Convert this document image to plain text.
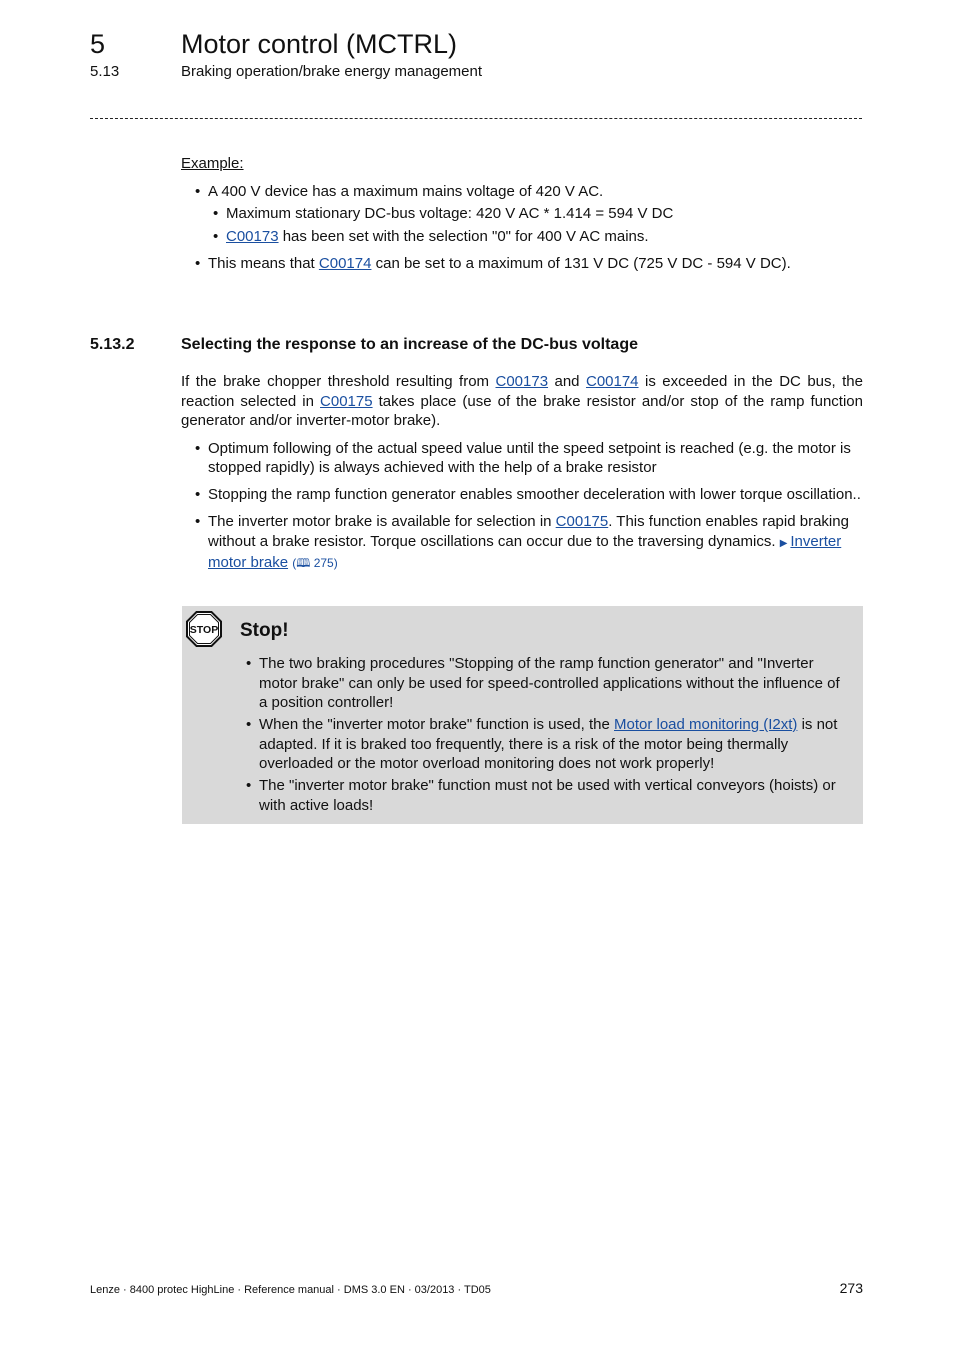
5	Motor control (MCTRL)
5.13	Braking operation/brake energy management
Example:
• A 400 V device has a maximum mains voltage of 420 V AC.
• Maximum stationary DC-bus voltage: 420 V AC * 1.414 = 594 V DC
• C00173 has been set with the selection "0" for 400 V AC mains.
• This means that C00174 can be set to a maximum of 131 V DC (725 V DC - 594 V DC).
5.13.2	Selecting the response to an increase of the DC-bus voltage

If the brake chopper threshold resulting from C00173 and C00174 is exceeded in the DC bus, the reaction selected in C00175 takes place (use of the brake resistor and/or stop of the ramp function generator and/or inverter-motor brake).

• Optimum following of the actual speed value until the speed setpoint is reached (e.g. the motor is stopped rapidly) is always achieved with the help of a brake resistor
• Stopping the ramp function generator enables smoother deceleration with lower torque oscillation..
• The inverter motor brake is available for selection in C00175. This function enables rapid braking without a brake resistor. Torque oscillations can occur due to the traversing dynamics. ▶ Inverter motor brake (🕮 275)
STOP Stop!
• The two braking procedures "Stopping of the ramp function generator" and "Inverter motor brake" can only be used for speed-controlled applications without the influence of a position controller!
• When the "inverter motor brake" function is used, the Motor load monitoring (I2xt) is not adapted. If it is braked too frequently, there is a risk of the motor being thermally overloaded or the motor overload monitoring does not work properly!
• The "inverter motor brake" function must not be used with vertical conveyors (hoists) or with active loads!
Lenze · 8400 protec HighLine · Reference manual · DMS 3.0 EN · 03/2013 · TD05	273
